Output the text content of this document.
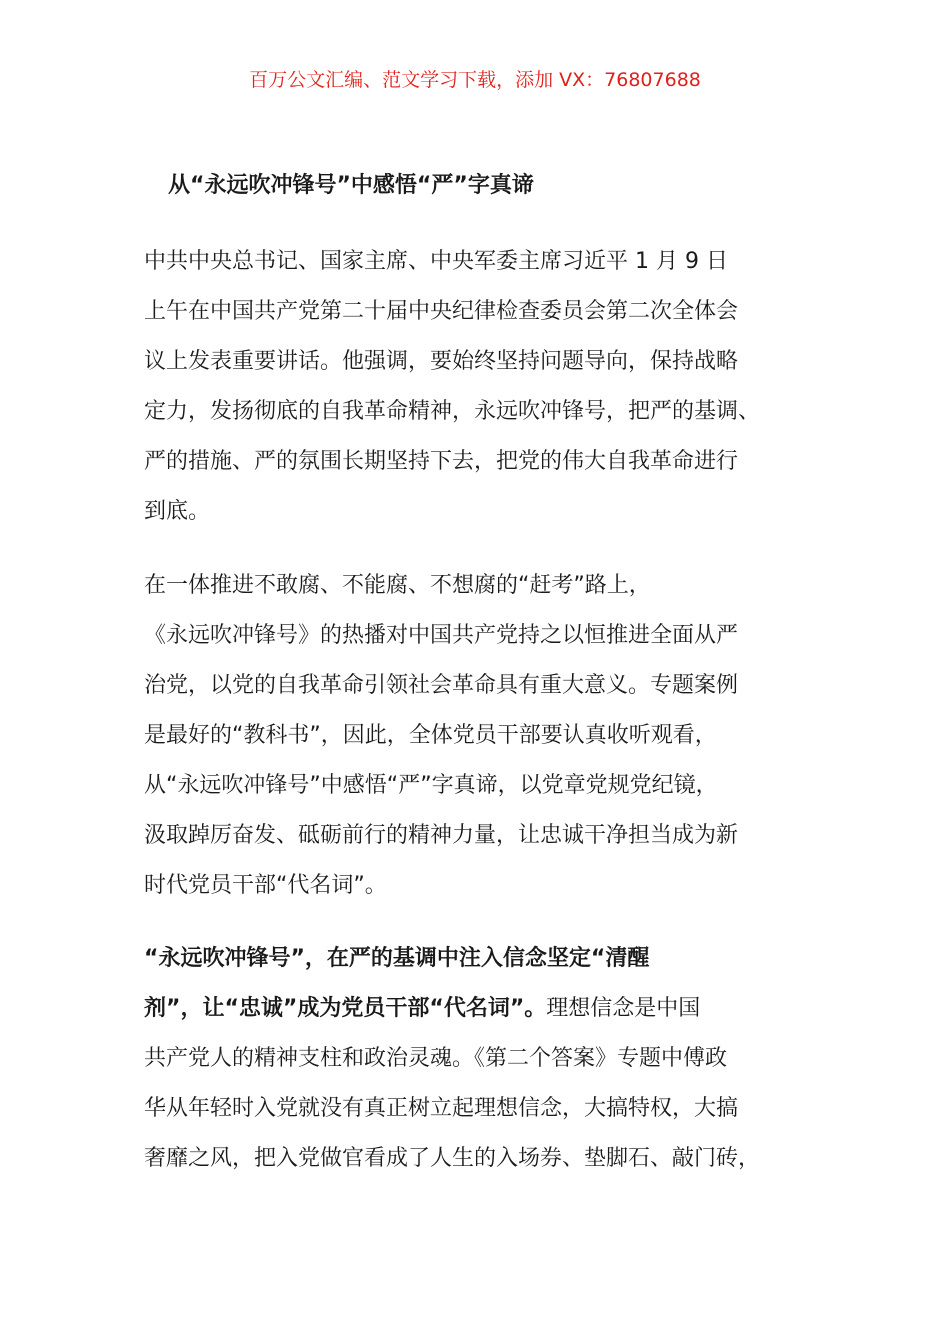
百万公文汇编、范文学习下载，添加 VX：76807688
从“永远吹冲锋号”中感悟“严”字真谛
中共中央总书记、国家主席、中央军委主席习近平 1 月 9 日
上午在中国共产党第二十届中央纪律检查委员会第二次全体会
议上发表重要讲话。他强调，要始终坚持问题导向，保持战略
定力，发扬彻底的自我革命精神，永远吹冲锋号，把严的基调、
严的措施、严的氛围长期坚持下去，把党的伟大自我革命进行
到底。
在一体推进不敢腐、不能腐、不想腐的“赶考”路上，
《永远吹冲锋号》的热播对中国共产党持之以恒推进全面从严
治党，以党的自我革命引领社会革命具有重大意义。专题案例
是最好的“教科书”，因此，全体党员干部要认真收听观看，
从“永远吹冲锋号”中感悟“严”字真谛，以党章党规党纪镜，
汲取踔厉奋发、砥砺前行的精神力量，让忠诚干净担当成为新
时代党员干部“代名词”。
“永远吹冲锋号”，在严的基调中注入信念坚定“清醒
剂”，让“忠诚”成为党员干部“代名词”。理想信念是中国
共产党人的精神支柱和政治灵魂。《第二个答案》专题中傅政
华从年轻时入党就没有真正树立起理想信念，大搞特权，大搞
奢靡之风，把入党做官看成了人生的入场券、垫脚石、敲门砖，
